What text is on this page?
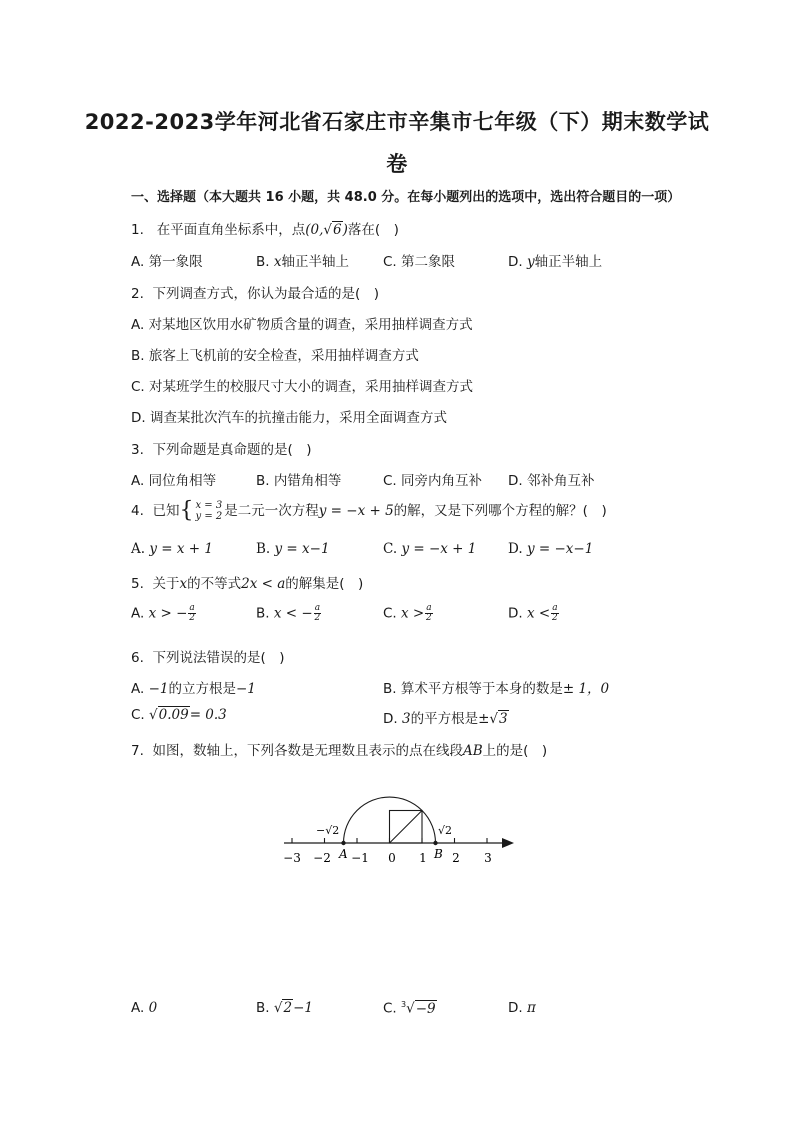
2022-2023学年河北省石家庄市辛集市七年级（下）期末数学试
卷
一、选择题（本大题共 16 小题，共 48.0 分。在每小题列出的选项中，选出符合题目的一项）
1. 在平面直角坐标系中，点(0,√6)落在(　)
A. 第一象限	B. x轴正半轴上	C. 第二象限	D. y轴正半轴上
2. 下列调查方式，你认为最合适的是(　)
A. 对某地区饮用水矿物质含量的调查，采用抽样调查方式
B. 旅客上飞机前的安全检查，采用抽样调查方式
C. 对某班学生的校服尺寸大小的调查，采用抽样调查方式
D. 调查某批次汽车的抗撞击能力，采用全面调查方式
3. 下列命题是真命题的是(　)
A. 同位角相等	B. 内错角相等	C. 同旁内角互补 D. 邻补角互补
4. 已知 { x = 3
y = 2 是二元一次方程y = −x + 5的解，又是下列哪个方程的解？(　)
A. y = x + 1	B. y = x−1	C. y = −x + 1 D. y = −x−1
5. 关于x的不等式2x < a的解集是(　)
A. x > − $\frac{a}{2}$	B. x < − $\frac{a}{2}$	C. $x > \frac{a}{2}$	D. $x < \frac{a}{2}$
6. 下列说法错误的是(　)
A. −1的立方根是−1	B. 算术平方根等于本身的数是± 1，0
C. √0.09= 0.3	D. 3的平方根是±√3
7. 如图，数轴上，下列各数是无理数且表示的点在线段AB上的是(　)
−√2	√2
−3 −2 −1 0 1 2 3
A	B
A. 0	B. √2−1	C. $^3$√−9	D. π
